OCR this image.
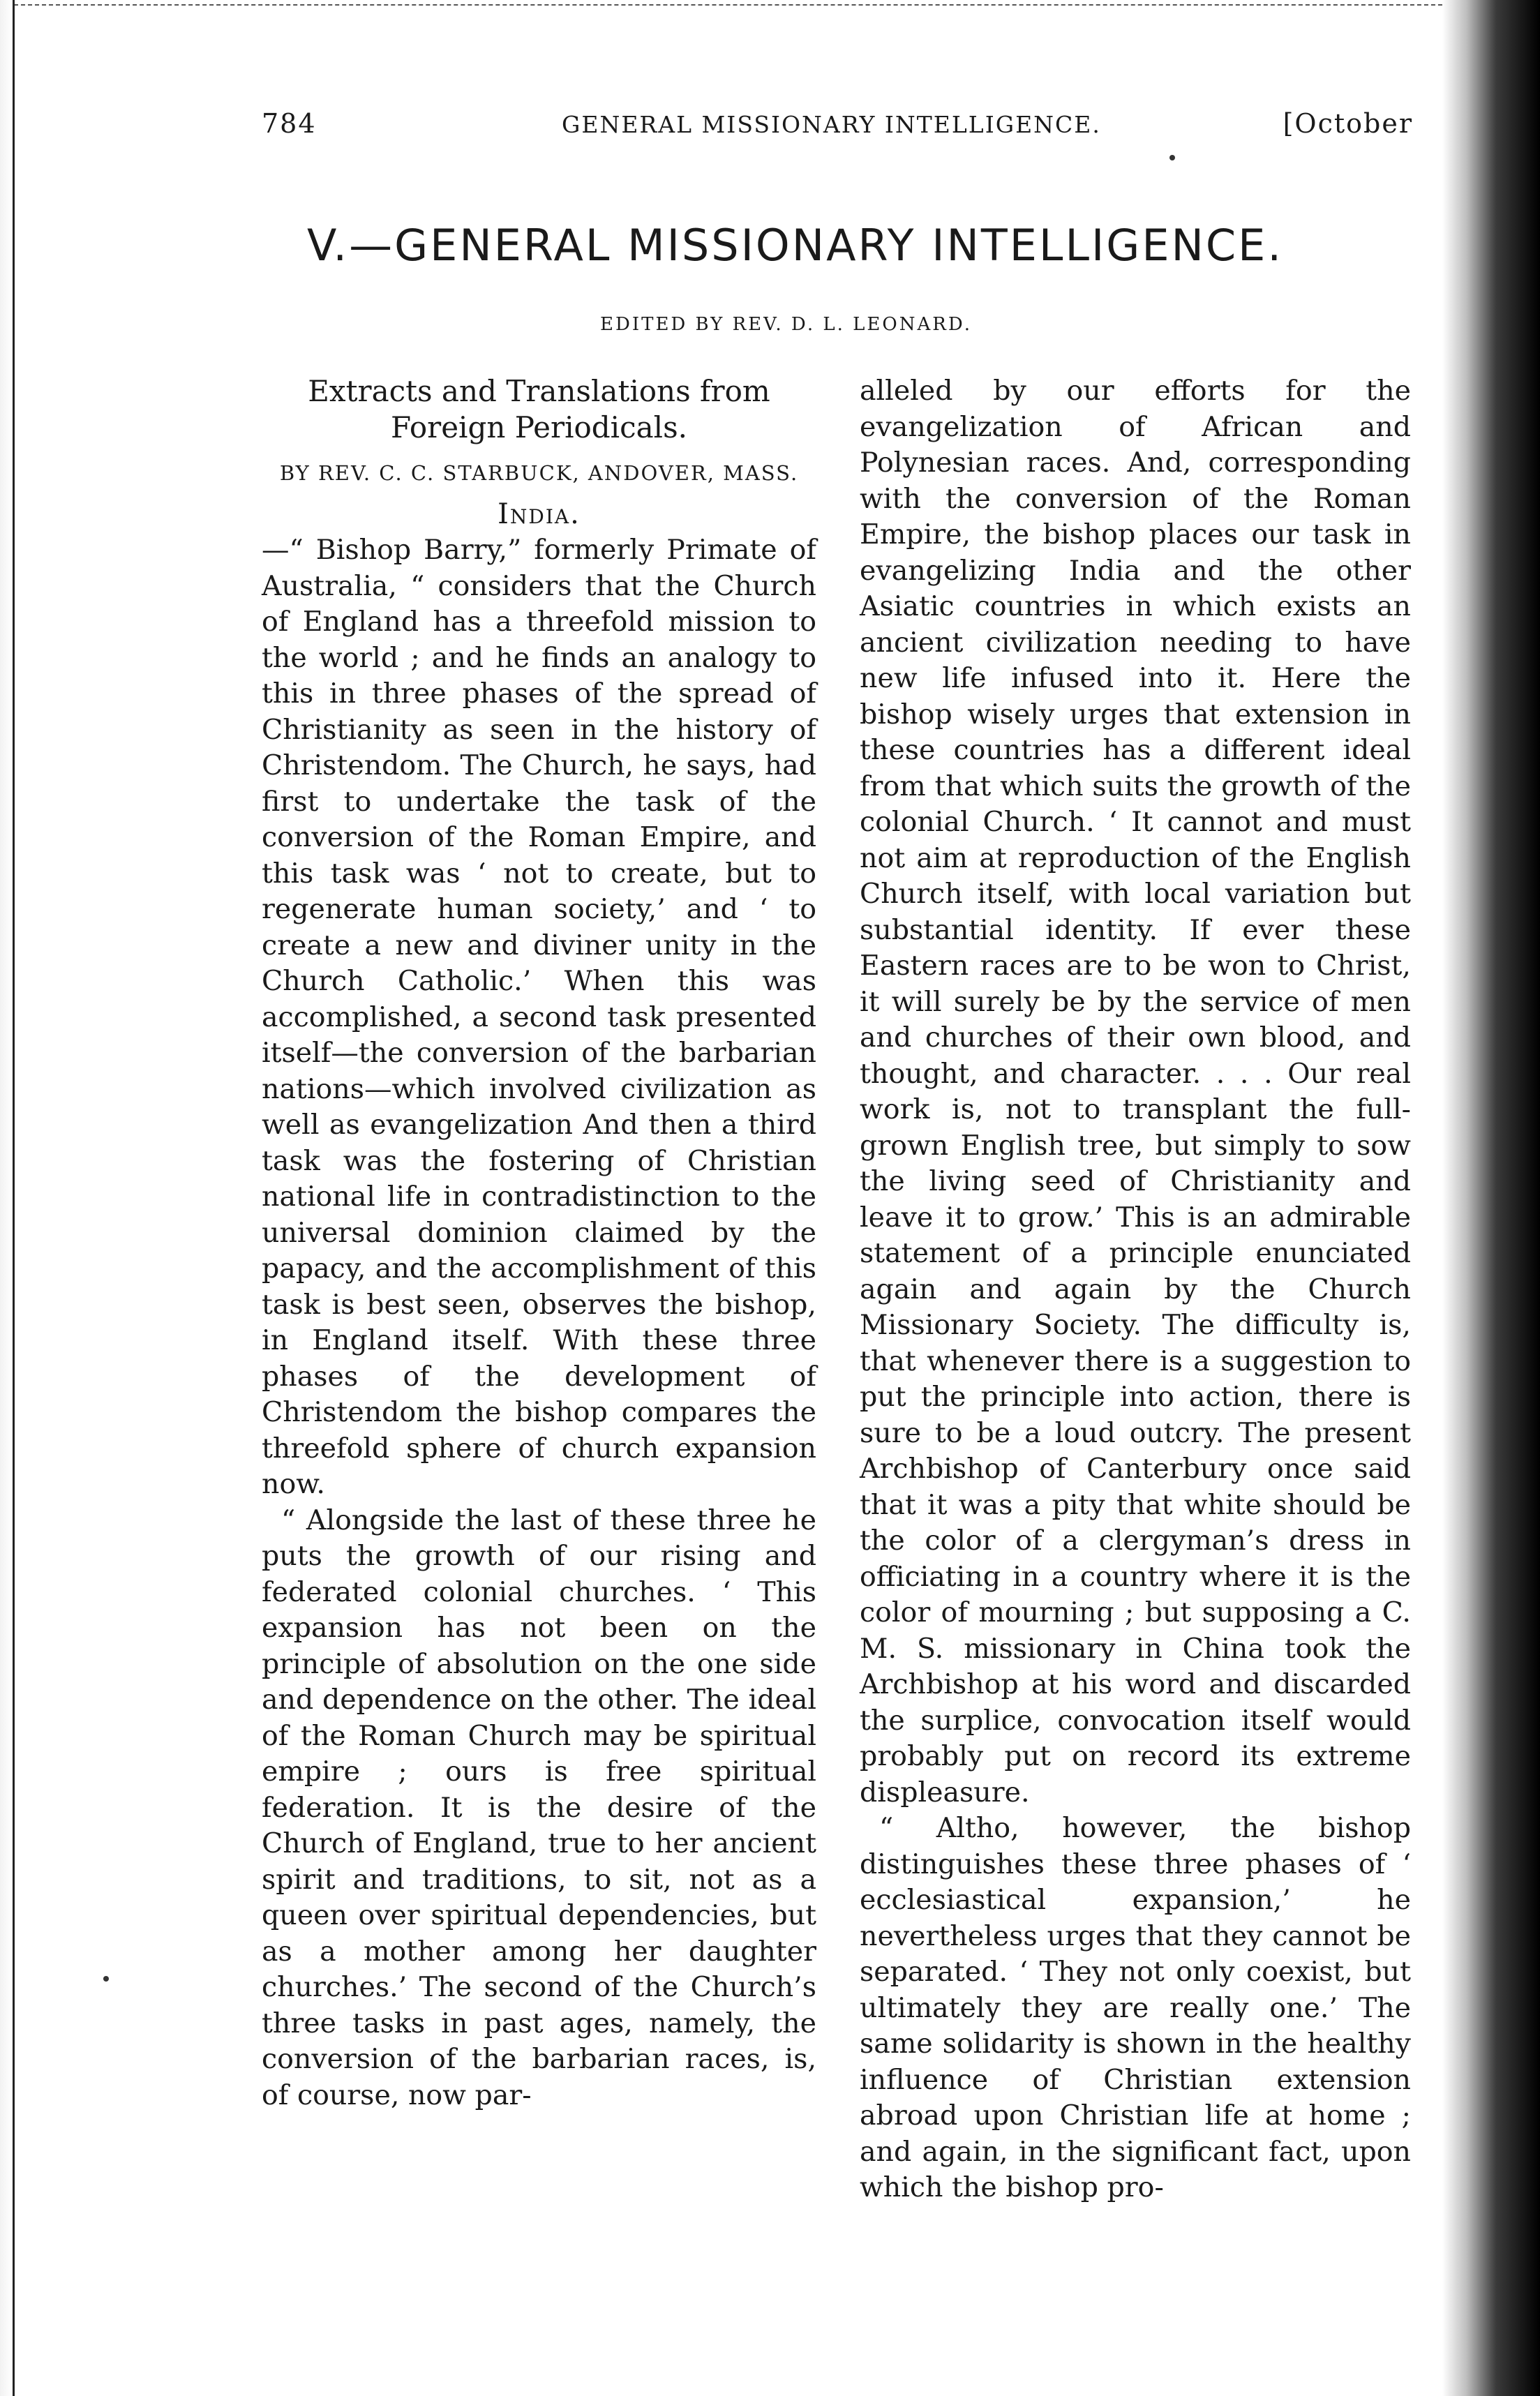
784	GENERAL MISSIONARY INTELLIGENCE.	[October
V.—GENERAL MISSIONARY INTELLIGENCE.
EDITED BY REV. D. L. LEONARD.

Extracts and Translations from Foreign Periodicals.

BY REV. C. C. STARBUCK, ANDOVER, MASS.
India.

—“ Bishop Barry,” formerly Primate of Australia, “ considers that the Church of England has a threefold mission to the world ; and he finds an analogy to this in three phases of the spread of Christianity as seen in the history of Christendom. The Church, he says, had first to undertake the task of the conversion of the Roman Empire, and this task was ‘ not to create, but to regenerate human society,’ and ‘ to create a new and diviner unity in the Church Catholic.’ When this was accomplished, a second task presented itself—the conversion of the barbarian nations—which involved civilization as well as evangelization And then a third task was the fostering of Christian national life in contradistinction to the universal dominion claimed by the papacy, and the accomplishment of this task is best seen, observes the bishop, in England itself. With these three phases of the development of Christendom the bishop compares the threefold sphere of church expansion now.

“ Alongside the last of these three he puts the growth of our rising and federated colonial churches. ‘ This expansion has not been on the principle of absolution on the one side and dependence on the other. The ideal of the Roman Church may be spiritual empire ; ours is free spiritual federation. It is the desire of the Church of England, true to her ancient spirit and traditions, to sit, not as a queen over spiritual dependencies, but as a mother among her daughter churches.’ The second of the Church’s three tasks in past ages, namely, the conversion of the barbarian races, is, of course, now par-

alleled by our efforts for the evangelization of African and Polynesian races. And, corresponding with the conversion of the Roman Empire, the bishop places our task in evangelizing India and the other Asiatic countries in which exists an ancient civilization needing to have new life infused into it. Here the bishop wisely urges that extension in these countries has a different ideal from that which suits the growth of the colonial Church. ‘ It cannot and must not aim at reproduction of the English Church itself, with local variation but substantial identity. If ever these Eastern races are to be won to Christ, it will surely be by the service of men and churches of their own blood, and thought, and character. . . . Our real work is, not to transplant the full-grown English tree, but simply to sow the living seed of Christianity and leave it to grow.’ This is an admirable statement of a principle enunciated again and again by the Church Missionary Society. The difficulty is, that whenever there is a suggestion to put the principle into action, there is sure to be a loud outcry. The present Archbishop of Canterbury once said that it was a pity that white should be the color of a clergyman’s dress in officiating in a country where it is the color of mourning ; but supposing a C. M. S. missionary in China took the Archbishop at his word and discarded the surplice, convocation itself would probably put on record its extreme displeasure.

“ Altho, however, the bishop distinguishes these three phases of ‘ ecclesiastical expansion,’ he nevertheless urges that they cannot be separated. ‘ They not only coexist, but ultimately they are really one.’ The same solidarity is shown in the healthy influence of Christian extension abroad upon Christian life at home ; and again, in the significant fact, upon which the bishop pro-
